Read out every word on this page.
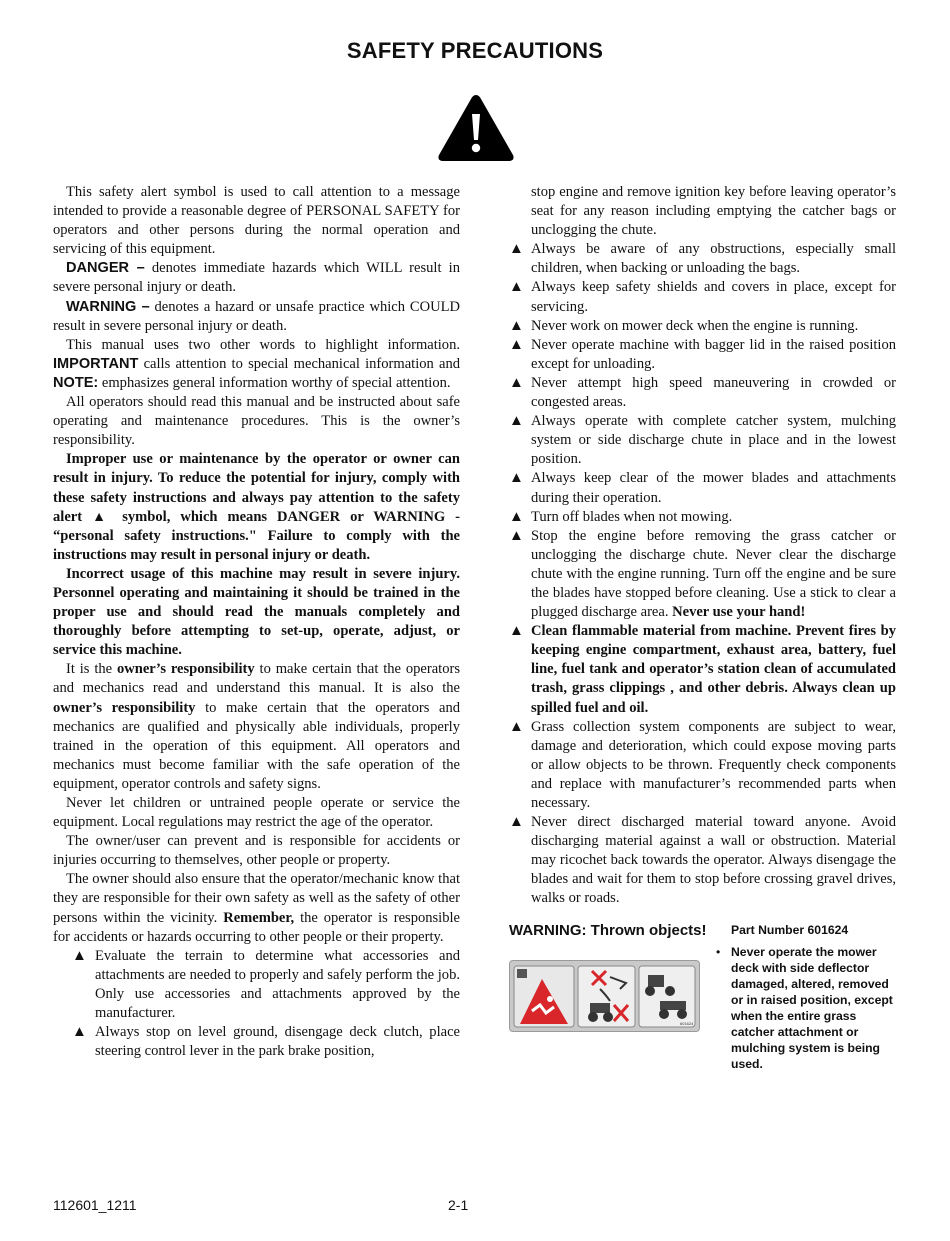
SAFETY PRECAUTIONS

This safety alert symbol is used to call attention to a message intended to provide a reasonable degree of PERSONAL SAFETY for operators and other persons during the normal operation and servicing of this equipment.

DANGER – denotes immediate hazards which WILL result in severe personal injury or death.

WARNING – denotes a hazard or unsafe practice which COULD result in severe personal injury or death.

This manual uses two other words to highlight information. IMPORTANT calls attention to special mechanical information and NOTE: emphasizes general information worthy of special attention.

All operators should read this manual and be instructed about safe operating and maintenance procedures. This is the owner’s responsibility.

Improper use or maintenance by the operator or owner can result in injury. To reduce the potential for injury, comply with these safety instructions and always pay attention to the safety alert ▲ symbol, which means DANGER or WARNING - “personal safety instructions." Failure to comply with the instructions may result in personal injury or death.

Incorrect usage of this machine may result in severe injury. Personnel operating and maintaining it should be trained in the proper use and should read the manuals completely and thoroughly before attempting to set-up, operate, adjust, or service this machine.

It is the owner’s responsibility to make certain that the operators and mechanics read and understand this manual. It is also the owner’s responsibility to make certain that the operators and mechanics are qualified and physically able individuals, properly trained in the operation of this equipment. All operators and mechanics must become familiar with the safe operation of the equipment, operator controls and safety signs.

Never let children or untrained people operate or service the equipment. Local regulations may restrict the age of the operator.

The owner/user can prevent and is responsible for accidents or injuries occurring to themselves, other people or property.

The owner should also ensure that the operator/mechanic know that they are responsible for their own safety as well as the safety of other persons within the vicinity. Remember, the operator is responsible for accidents or hazards occurring to other people or their property.

▲ Evaluate the terrain to determine what accessories and attachments are needed to properly and safely perform the job. Only use accessories and attachments approved by the manufacturer.
▲ Always stop on level ground, disengage deck clutch, place steering control lever in the park brake position,

stop engine and remove ignition key before leaving operator’s seat for any reason including emptying the catcher bags or unclogging the chute.

▲ Always be aware of any obstructions, especially small children, when backing or unloading the bags.
▲ Always keep safety shields and covers in place, except for servicing.
▲ Never work on mower deck when the engine is running.
▲ Never operate machine with bagger lid in the raised position except for unloading.
▲ Never attempt high speed maneuvering in crowded or congested areas.
▲ Always operate with complete catcher system, mulching system or side discharge chute in place and in the lowest position.
▲ Always keep clear of the mower blades and attachments during their operation.
▲ Turn off blades when not mowing.
▲ Stop the engine before removing the grass catcher or unclogging the discharge chute. Never clear the discharge chute with the engine running. Turn off the engine and be sure the blades have stopped before cleaning. Use a stick to clear a plugged discharge area. Never use your hand!
▲ Clean flammable material from machine. Prevent fires by keeping engine compartment, exhaust area, battery, fuel line, fuel tank and operator’s station clean of accumulated trash, grass clippings , and other debris. Always clean up spilled fuel and oil.
▲ Grass collection system components are subject to wear, damage and deterioration, which could expose moving parts or allow objects to be thrown. Frequently check components and replace with manufacturer’s recommended parts when necessary.
▲ Never direct discharged material toward anyone. Avoid discharging material against a wall or obstruction. Material may ricochet back towards the operator. Always disengage the blades and wait for them to stop before crossing gravel drives, walks or roads.
WARNING: Thrown objects!
601624
Part Number 601624
• Never operate the mower deck with side deflector damaged, altered, removed or in raised position, except when the entire grass catcher attachment or mulching system is being used.
112601_1211	2-1
